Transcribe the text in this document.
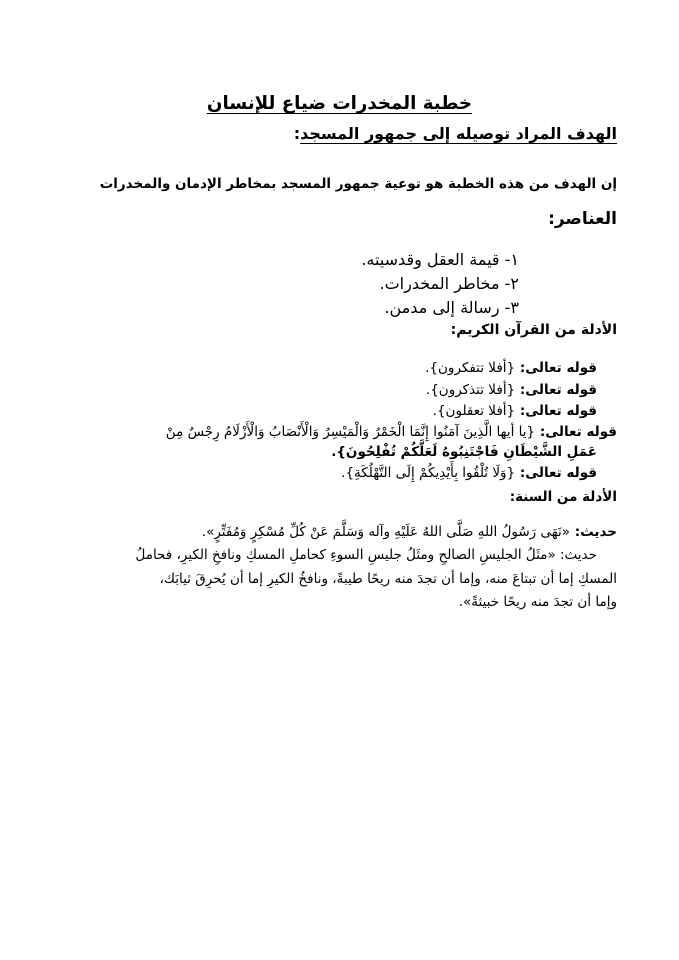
خطبة المخدرات ضياع للإنسان
الهدف المراد توصيله إلى جمهور المسجد:
إن الهدف من هذه الخطبة هو توعية جمهور المسجد بمخاطر الإدمان والمخدرات
العناصر:
١- قيمة العقل وقدسيته.
٢- مخاطر المخدرات.
٣- رسالة إلى مدمن.
الأدلة من القرآن الكريم:
قوله تعالى: {أفلا تتفكرون}.
قوله تعالى: {أفلا تتذكرون}.
قوله تعالى: {أفلا تعقلون}.
قوله تعالى: {يا أيها الَّذِينَ آمَنُوا إِنَّمَا الْخَمْرُ وَالْمَيْسِرُ وَالْأَنْصَابُ وَالْأَزْلَامُ رِجْسٌ مِنْ
عَمَلِ الشَّيْطَانِ فَاجْتَنِبُوهُ لَعَلَّكُمْ تُفْلِحُونَ}.
قوله تعالى: {وَلَا تُلْقُوا بِأَيْدِيكُمْ إِلَى التَّهْلُكَةِ}.
الأدلة من السنة:
حديث: «نَهَى رَسُولُ اللهِ صَلَّى اللهُ عَلَيْهِ وآله وَسَلَّمَ عَنْ كُلِّ مُسْكِرٍ وَمُفَتِّرٍ».
حديث: «مثَلُ الجليسِ الصالحِ ومثَلُ جليسِ السوءِ كحاملِ المسكِ ونافخِ الكيرِ، فحاملُ
المسكِ إما أن تبتاعَ منه، وإما أن تجدَ منه ريحًا طيبةً، ونافخُ الكيرِ إما أن يُحرِقَ ثيابَك،
وإما أن تجدَ منه ريحًا خبيثةً».
